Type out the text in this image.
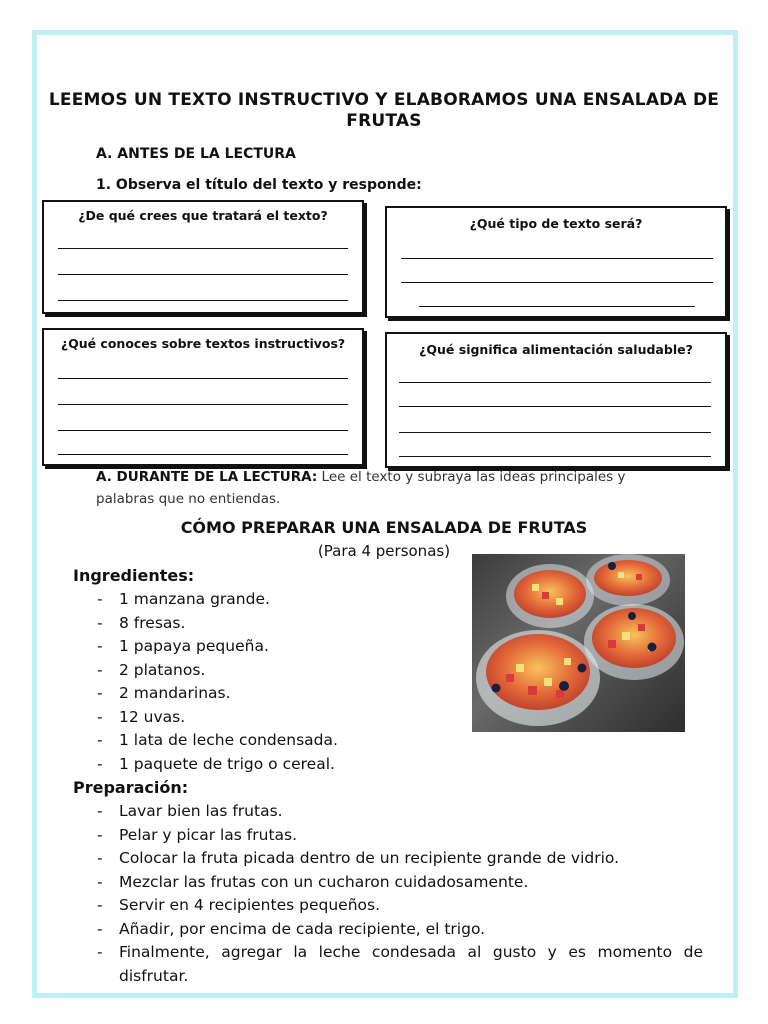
LEEMOS UN TEXTO INSTRUCTIVO Y ELABORAMOS UNA ENSALADA DE FRUTAS
A. ANTES DE LA LECTURA
1. Observa el título del texto y responde:
¿De qué crees que tratará el texto?
¿Qué tipo de texto será?
¿Qué conoces sobre textos instructivos?	¿Qué significa alimentación saludable?
A. DURANTE DE LA LECTURA: Lee el texto y subraya las ideas principales y palabras que no entiendas.
CÓMO PREPARAR UNA ENSALADA DE FRUTAS
(Para 4 personas)
Ingredientes:
- 1 manzana grande.
- 8 fresas.
- 1 papaya pequeña.
- 2 platanos.
- 2 mandarinas.
- 12 uvas.
- 1 lata de leche condensada.
- 1 paquete de trigo o cereal.
Preparación:
- Lavar bien las frutas.
- Pelar y picar las frutas.
- Colocar la fruta picada dentro de un recipiente grande de vidrio.
- Mezclar las frutas con un cucharon cuidadosamente.
- Servir en 4 recipientes pequeños.
- Añadir, por encima de cada recipiente, el trigo.
- Finalmente, agregar la leche condesada al gusto y es momento de disfrutar.
